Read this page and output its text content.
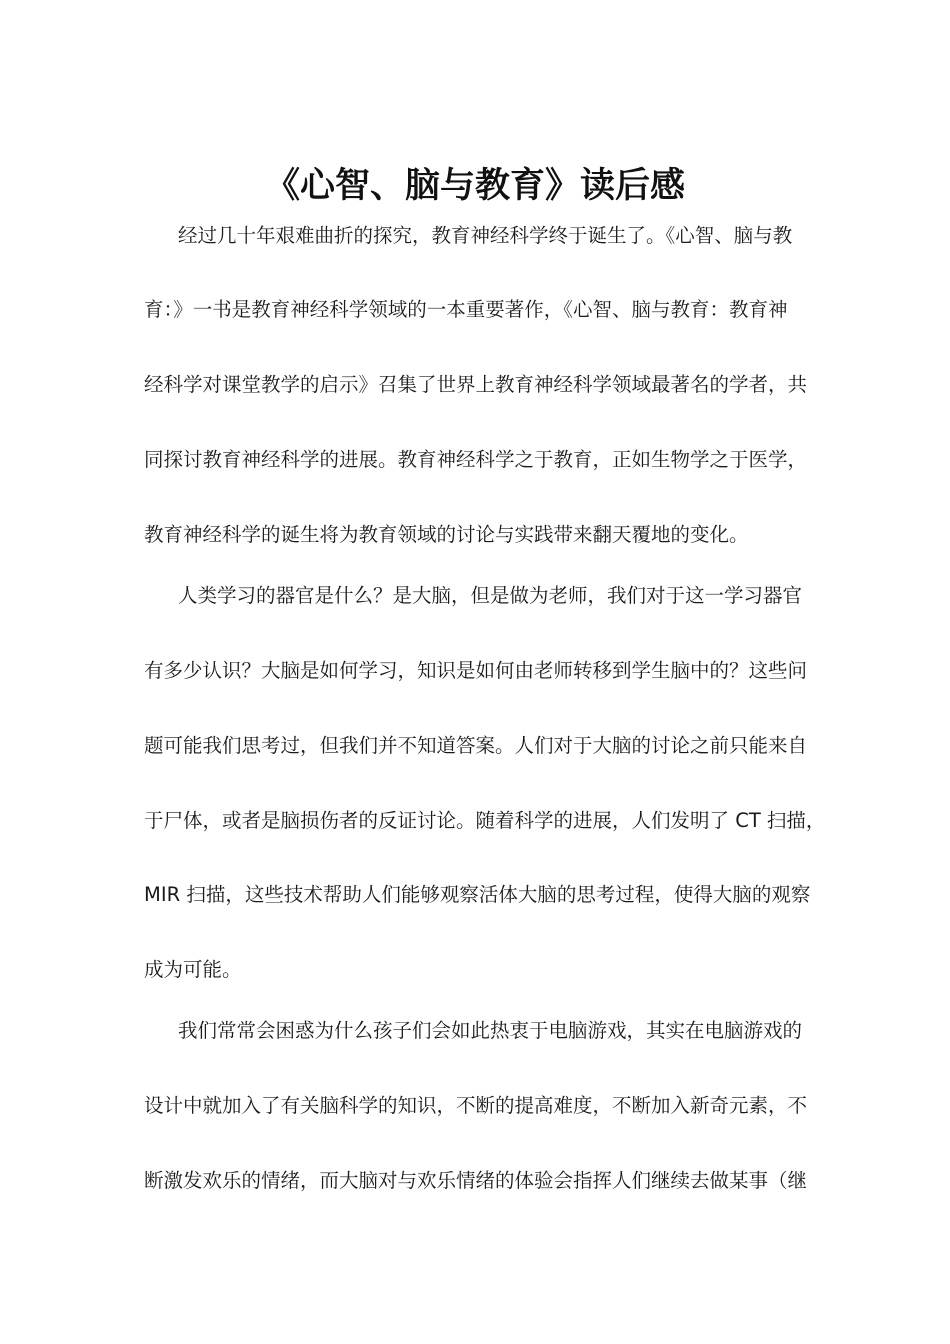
《心智、脑与教育》读后感

经过几十年艰难曲折的探究，教育神经科学终于诞生了。《心智、脑与教

育：》一书是教育神经科学领域的一本重要著作，《心智、脑与教育：教育神

经科学对课堂教学的启示》召集了世界上教育神经科学领域最著名的学者，共

同探讨教育神经科学的进展。教育神经科学之于教育，正如生物学之于医学，

教育神经科学的诞生将为教育领域的讨论与实践带来翻天覆地的变化。

人类学习的器官是什么？是大脑，但是做为老师，我们对于这一学习器官

有多少认识？大脑是如何学习，知识是如何由老师转移到学生脑中的？这些问

题可能我们思考过，但我们并不知道答案。人们对于大脑的讨论之前只能来自

于尸体，或者是脑损伤者的反证讨论。随着科学的进展，人们发明了 CT 扫描，

MIR 扫描，这些技术帮助人们能够观察活体大脑的思考过程，使得大脑的观察

成为可能。

我们常常会困惑为什么孩子们会如此热衷于电脑游戏，其实在电脑游戏的

设计中就加入了有关脑科学的知识，不断的提高难度，不断加入新奇元素，不

断激发欢乐的情绪，而大脑对与欢乐情绪的体验会指挥人们继续去做某事（继
